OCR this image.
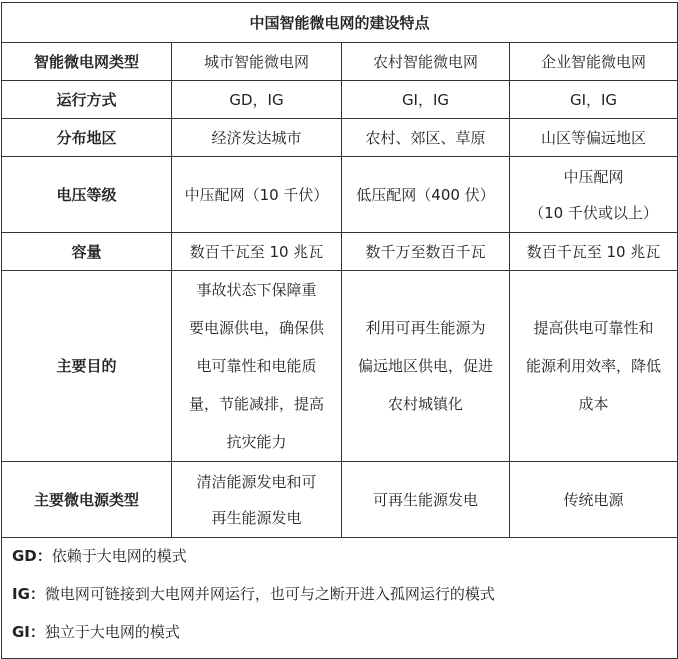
中国智能微电网的建设特点			
智能微电网类型	城市智能微电网	农村智能微电网	企业智能微电网
运行方式	GD，IG	GI，IG	GI，IG
分布地区	经济发达城市	农村、郊区、草原	山区等偏远地区
电压等级	中压配网（10 千伏）	低压配网（400 伏）	中压配网
（10 千伏或以上）

容量	数百千瓦至 10 兆瓦	数千万至数百千瓦	数百千瓦至 10 兆瓦
主要目的	事故状态下保障重
要电源供电，确保供
电可靠性和电能质
量，节能减排，提高
抗灾能力	利用可再生能源为
偏远地区供电，促进
农村城镇化	提高供电可靠性和
能源利用效率，降低
成本

主要微电源类型	清洁能源发电和可
再生能源发电	可再生能源发电	传统电源

GD：依赖于大电网的模式
IG：微电网可链接到大电网并网运行，也可与之断开进入孤网运行的模式
GI：独立于大电网的模式			
